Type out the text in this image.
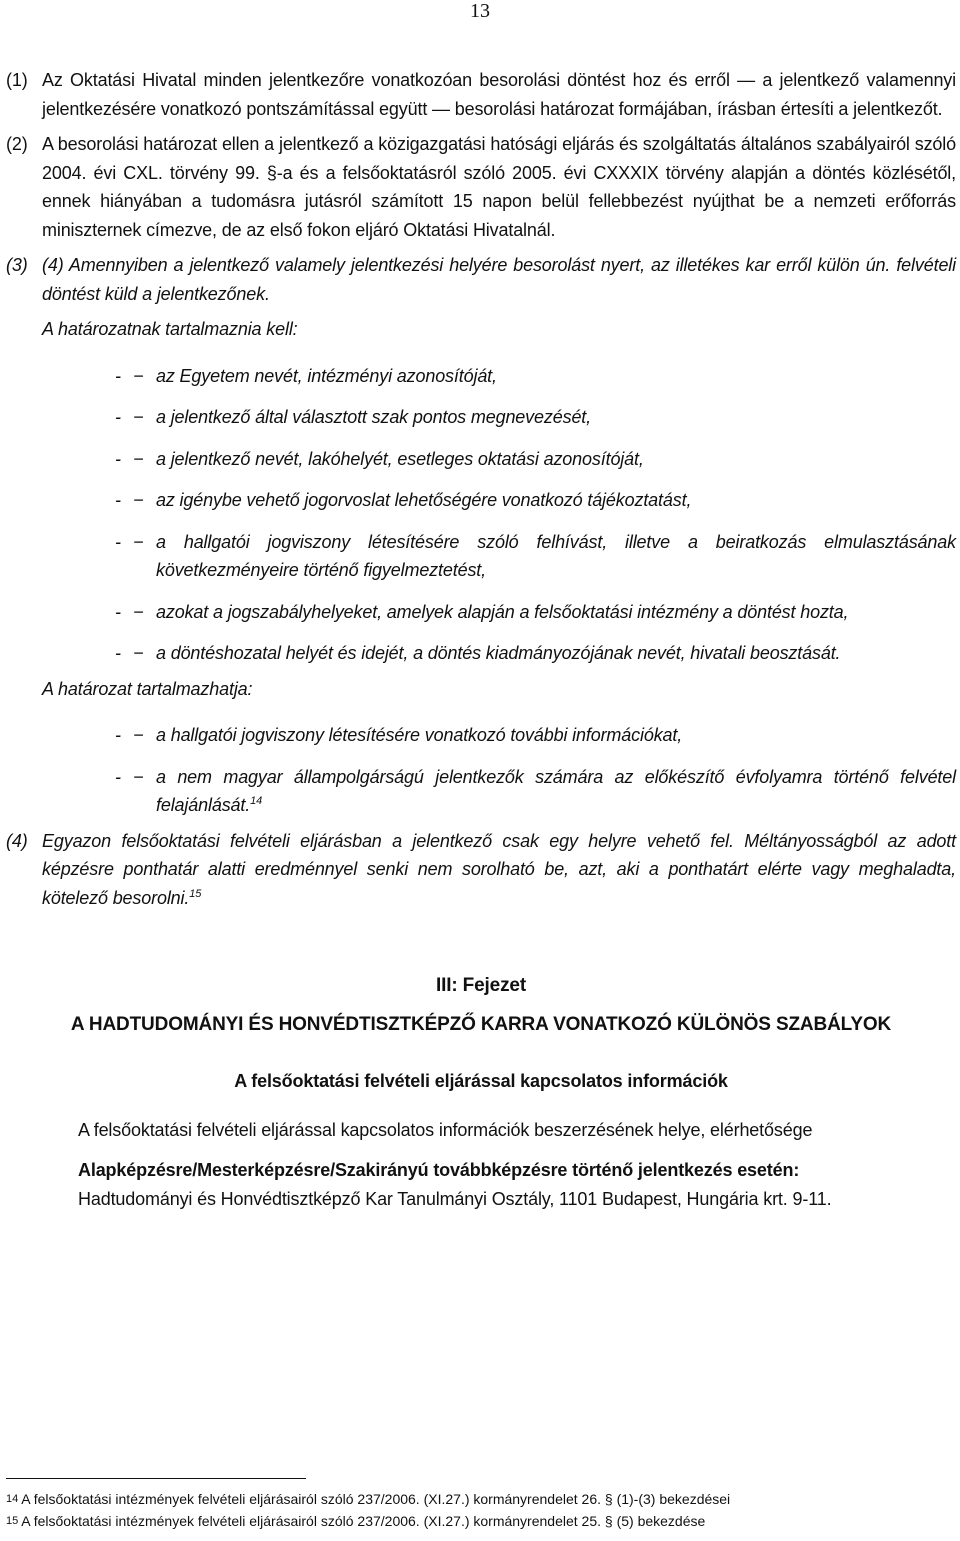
13
(1) Az Oktatási Hivatal minden jelentkezőre vonatkozóan besorolási döntést hoz és erről — a jelentkező valamennyi jelentkezésére vonatkozó pontszámítással együtt — besorolási határozat formájában, írásban értesíti a jelentkezőt.
(2) A besorolási határozat ellen a jelentkező a közigazgatási hatósági eljárás és szolgáltatás általános szabályairól szóló 2004. évi CXL. törvény 99. §-a és a felsőoktatásról szóló 2005. évi CXXXIX törvény alapján a döntés közlésétől, ennek hiányában a tudomásra jutásról számított 15 napon belül fellebbezést nyújthat be a nemzeti erőforrás miniszternek címezve, de az első fokon eljáró Oktatási Hivatalnál.
(3) (4) Amennyiben a jelentkező valamely jelentkezési helyére besorolást nyert, az illetékes kar erről külön ún. felvételi döntést küld a jelentkezőnek.
A határozatnak tartalmaznia kell:
- − az Egyetem nevét, intézményi azonosítóját,
- − a jelentkező által választott szak pontos megnevezését,
- − a jelentkező nevét, lakóhelyét, esetleges oktatási azonosítóját,
- − az igénybe vehető jogorvoslat lehetőségére vonatkozó tájékoztatást,
- − a hallgatói jogviszony létesítésére szóló felhívást, illetve a beiratkozás elmulasztásának következményeire történő figyelmeztetést,
- − azokat a jogszabályhelyeket, amelyek alapján a felsőoktatási intézmény a döntést hozta,
- − a döntéshozatal helyét és idejét, a döntés kiadmányozójának nevét, hivatali beosztását.
A határozat tartalmazhatja:
- − a hallgatói jogviszony létesítésére vonatkozó további információkat,
- − a nem magyar állampolgárságú jelentkezők számára az előkészítő évfolyamra történő felvétel felajánlását.$^{14}$
(4) Egyazon felsőoktatási felvételi eljárásban a jelentkező csak egy helyre vehető fel. Méltányosságból az adott képzésre ponthatár alatti eredménnyel senki nem sorolható be, azt, aki a ponthatárt elérte vagy meghaladta, kötelező besorolni.$^{15}$
III: Fejezet
A HADTUDOMÁNYI ÉS HONVÉDTISZTKÉPZŐ KARRA VONATKOZÓ KÜLÖNÖS SZABÁLYOK
A felsőoktatási felvételi eljárással kapcsolatos információk
A felsőoktatási felvételi eljárással kapcsolatos információk beszerzésének helye, elérhetősége
Alapképzésre/Mesterképzésre/Szakirányú továbbképzésre történő jelentkezés esetén:
Hadtudományi és Honvédtisztképző Kar Tanulmányi Osztály, 1101 Budapest, Hungária krt. 9-11.
$^{14}$ A felsőoktatási intézmények felvételi eljárásairól szóló 237/2006. (XI.27.) kormányrendelet 26. § (1)-(3) bekezdései
$^{15}$ A felsőoktatási intézmények felvételi eljárásairól szóló 237/2006. (XI.27.) kormányrendelet 25. § (5) bekezdése
